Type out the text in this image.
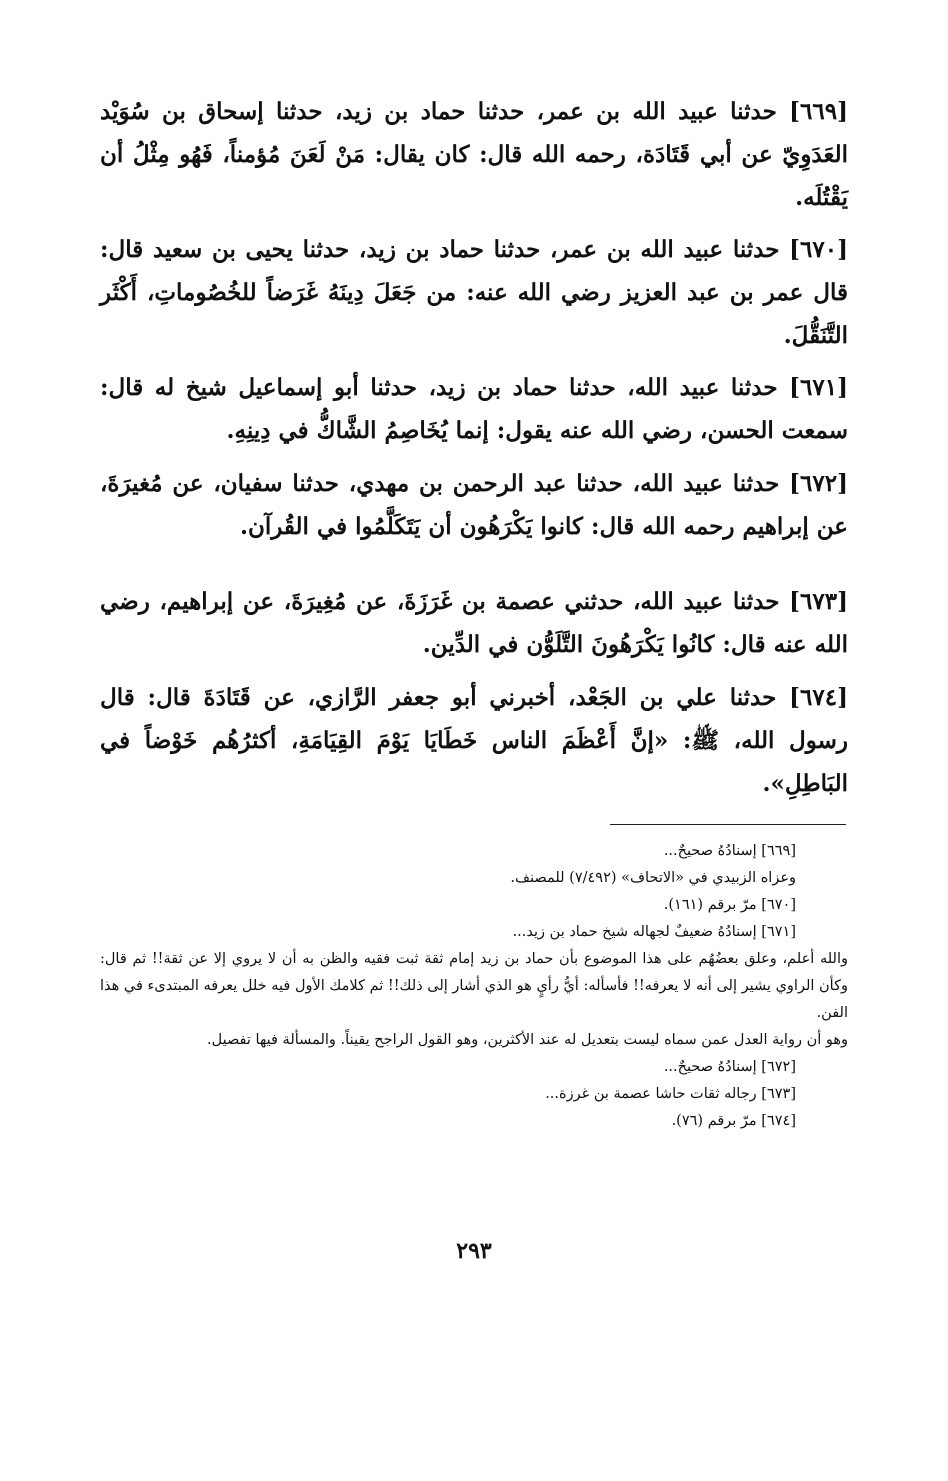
[٦٦٩] حدثنا عبيد الله بن عمر، حدثنا حماد بن زيد، حدثنا إسحاق بن سُوَيْد العَدَوِيّ عن أبي قَتَادَة، رحمه الله قال: كان يقال: مَنْ لَعَنَ مُؤمناً، فَهُو مِثْلُ أن يَقْتُلَه.

[٦٧٠] حدثنا عبيد الله بن عمر، حدثنا حماد بن زيد، حدثنا يحيى بن سعيد قال: قال عمر بن عبد العزيز رضي الله عنه: من جَعَلَ دِينَهُ غَرَضاً للخُصُوماتِ، أَكْثَر التَّنَقُّلَ.

[٦٧١] حدثنا عبيد الله، حدثنا حماد بن زيد، حدثنا أبو إسماعيل شيخ له قال: سمعت الحسن، رضي الله عنه يقول: إنما يُخَاصِمُ الشَّاكُّ في دِينِهِ.

[٦٧٢] حدثنا عبيد الله، حدثنا عبد الرحمن بن مهدي، حدثنا سفيان، عن مُغيرَةَ، عن إبراهيم رحمه الله قال: كانوا يَكْرَهُون أن يَتَكَلَّمُوا في القُرآن.

[٦٧٣] حدثنا عبيد الله، حدثني عصمة بن غَرَزَةَ، عن مُغِيرَةَ، عن إبراهيم، رضي الله عنه قال: كانُوا يَكْرَهُونَ التَّلَوُّن في الدِّين.

[٦٧٤] حدثنا علي بن الجَعْد، أخبرني أبو جعفر الرَّازي، عن قَتَادَةَ قال: قال رسول الله، ﷺ: «إنَّ أَعْظَمَ الناس خَطَايَا يَوْمَ القِيَامَةِ، أكثرُهُم خَوْضاً في البَاطِلِ».

[٦٦٩] إسنادُهُ صحيحٌ...

وعزاه الزبيدي في «الاتحاف» (٧/٤٩٢) للمصنف.

[٦٧٠] مرّ برقم (١٦١).

[٦٧١] إسنادُهُ ضعيفٌ لجهاله شيخ حماد بن زيد...

والله أعلم، وعلق بعضُهُم على هذا الموضوع بأن حماد بن زيد إمام ثقة ثبت فقيه والظن به أن لا يروي إلا عن ثقة!! ثم قال: وكأن الراوي يشير إلى أنه لا يعرفه!! فأسأله: أيُّ رأيٍ هو الذي أشار إلى ذلك!! ثم كلامك الأول فيه خلل يعرفه المبتدىء في هذا الفن.

وهو أن رواية العدل عمن سماه ليست بتعديل له عند الأكثرين، وهو القول الراجح يقيناً. والمسألة فيها تفصيل.

[٦٧٢] إسنادُهُ صحيحٌ...

[٦٧٣] رجاله ثقات حاشا عصمة بن غرزة...

[٦٧٤] مرّ برقم (٧٦).

٢٩٣
